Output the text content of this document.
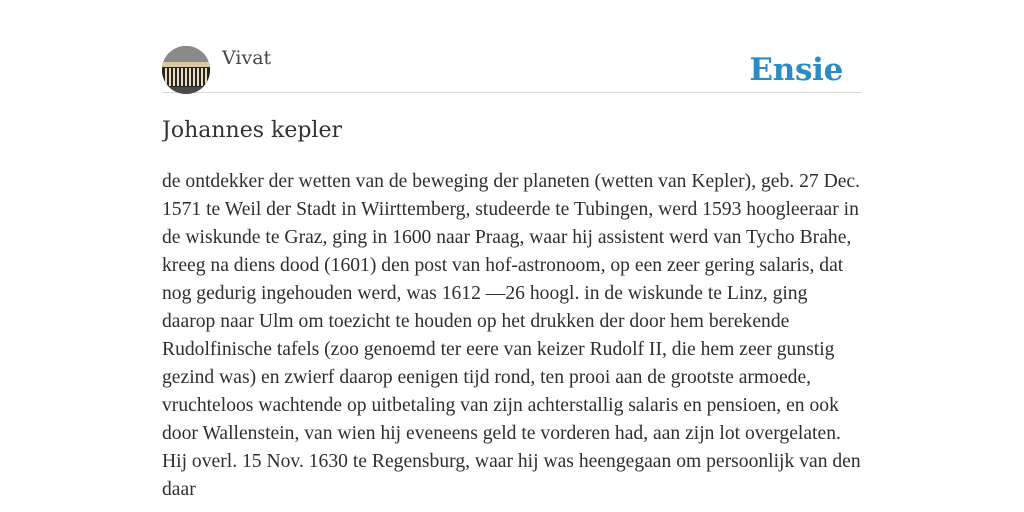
Vivat	Ensie
Johannes kepler

de ontdekker der wetten van de beweging der planeten (wetten van Kepler), geb. 27 Dec. 1571 te Weil der Stadt in Wiirttemberg, studeerde te Tubingen, werd 1593 hoogleeraar in de wiskunde te Graz, ging in 1600 naar Praag, waar hij assistent werd van Tycho Brahe, kreeg na diens dood (1601) den post van hof-astronoom, op een zeer gering salaris, dat nog gedurig ingehouden werd, was 1612 —26 hoogl. in de wiskunde te Linz, ging daarop naar Ulm om toezicht te houden op het drukken der door hem berekende Rudolfinische tafels (zoo genoemd ter eere van keizer Rudolf II, die hem zeer gunstig gezind was) en zwierf daarop eenigen tijd rond, ten prooi aan de grootste armoede, vruchteloos wachtende op uitbetaling van zijn achterstallig salaris en pensioen, en ook door Wallenstein, van wien hij eveneens geld te vorderen had, aan zijn lot overgelaten. Hij overl. 15 Nov. 1630 te Regensburg, waar hij was heengegaan om persoonlijk van den daar
